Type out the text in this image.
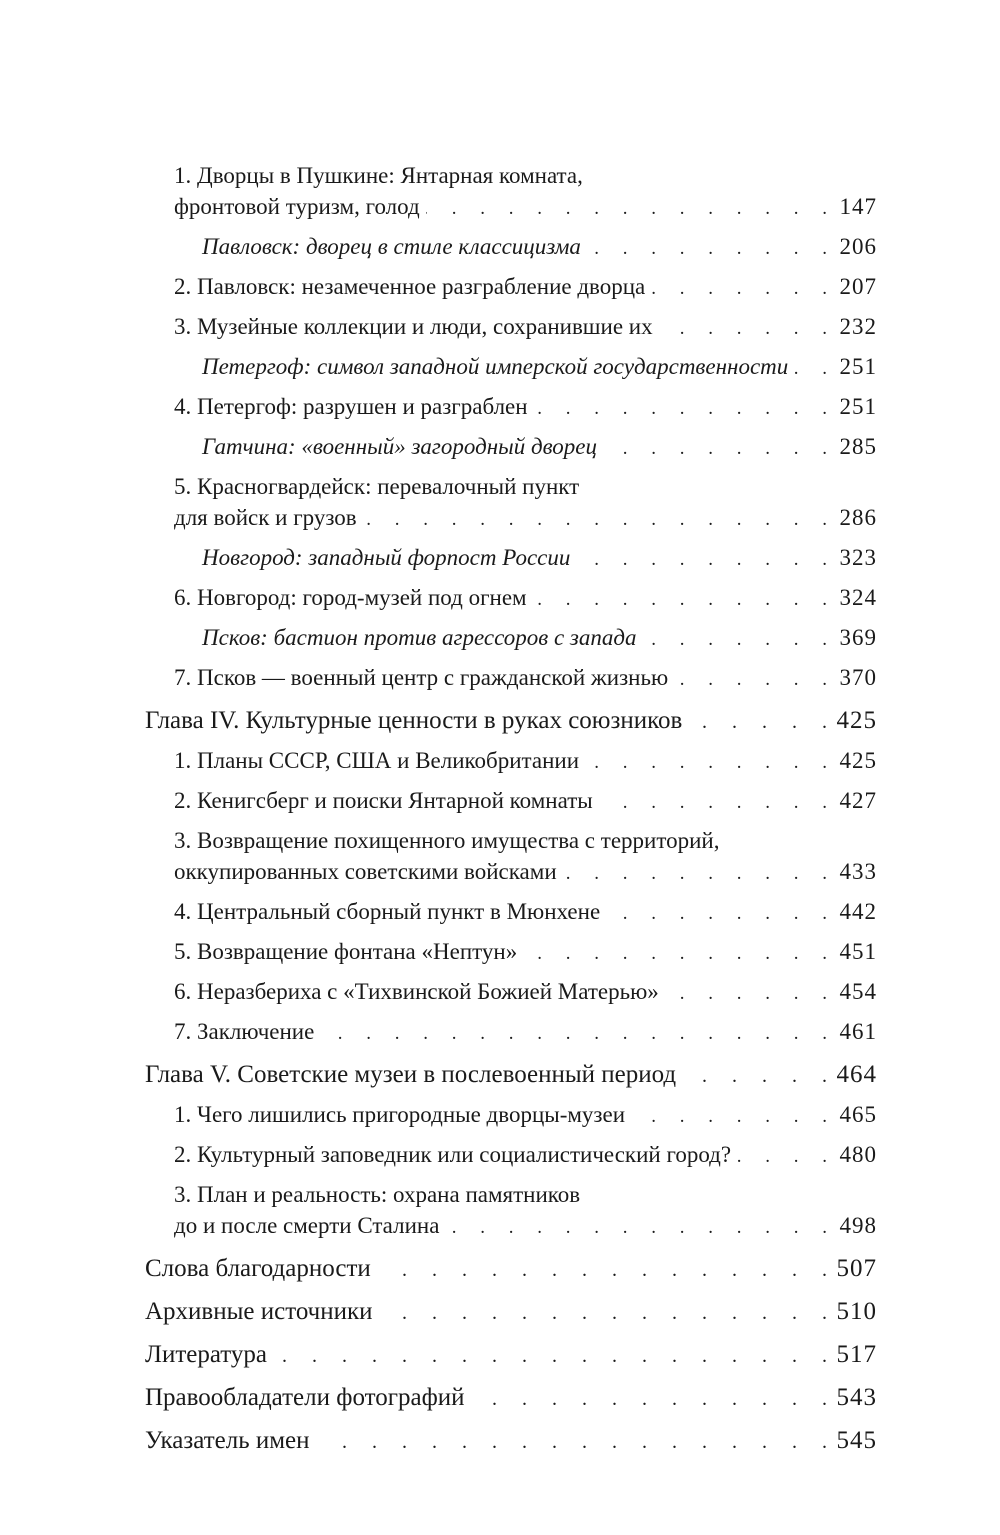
1. Дворцы в Пушкине: Янтарная комната,
фронтовой туризм, голод .	147
Павловск: дворец в стиле классицизма .	206
2. Павловск: незамеченное разграбление дворца .	207
3. Музейные коллекции и люди, сохранившие их .	232
Петергоф: символ западной имперской государственности . 251
4. Петергоф: разрушен и разграблен .	251
Гатчина: «военный» загородный дворец .	285
5. Красногвардейск: перевалочный пункт
для войск и грузов .	286
Новгород: западный форпост России .	323
6. Новгород: город-музей под огнем .	324
Псков: бастион против агрессоров с запада .	369
7. Псков — военный центр с гражданской жизнью .	370
Глава IV. Культурные ценности в руках союзников .	425
1. Планы СССР, США и Великобритании .	425
2. Кенигсберг и поиски Янтарной комнаты .	427
3. Возвращение похищенного имущества с территорий,
оккупированных советскими войсками .	433
4. Центральный сборный пункт в Мюнхене .	442
5. Возвращение фонтана «Нептун» .	451
6. Неразбериха с «Тихвинской Божией Матерью» .	454
7. Заключение .	461
Глава V. Советские музеи в послевоенный период .	464
1. Чего лишились пригородные дворцы-музеи .	465
2. Культурный заповедник или социалистический город? .	480
3. План и реальность: охрана памятников
до и после смерти Сталина .	498
Слова благодарности .	507
Архивные источники .	510
Литература .	517
Правообладатели фотографий .	543
Указатель имен .	545
